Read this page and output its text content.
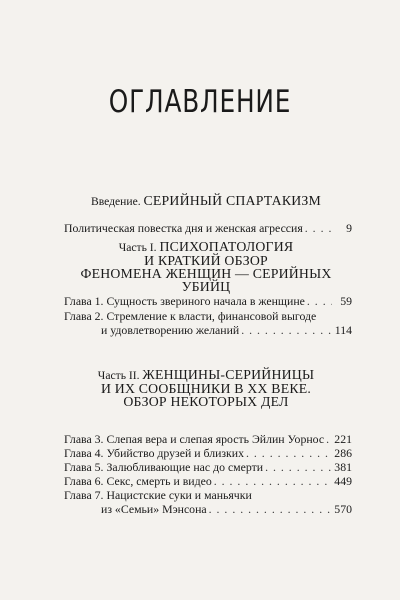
ОГЛАВЛЕНИЕ
Введение. СЕРИЙНЫЙ СПАРТАКИЗМ
Политическая повестка дня и женская агрессия . . .	9
Часть I. ПСИХОПАТОЛОГИЯ
И КРАТКИЙ ОБЗОР
ФЕНОМЕНА ЖЕНЩИН — СЕРИЙНЫХ УБИЙЦ
Глава 1. Сущность звериного начала в женщине . . .	59
Глава 2. Стремление к власти, финансовой выгоде
и удовлетворению желаний . . .	114
Часть II. ЖЕНЩИНЫ-СЕРИЙНИЦЫ
И ИХ СООБЩНИКИ В XX ВЕКЕ.
ОБЗОР НЕКОТОРЫХ ДЕЛ
Глава 3. Слепая вера и слепая ярость Эйлин Уорнос . . . 221
Глава 4. Убийство друзей и близких . . .	286
Глава 5. Залюбливающие нас до смерти . . .	381
Глава 6. Секс, смерть и видео . . .	449
Глава 7. Нацистские суки и маньячки
из «Семьи» Мэнсона . . .	570
